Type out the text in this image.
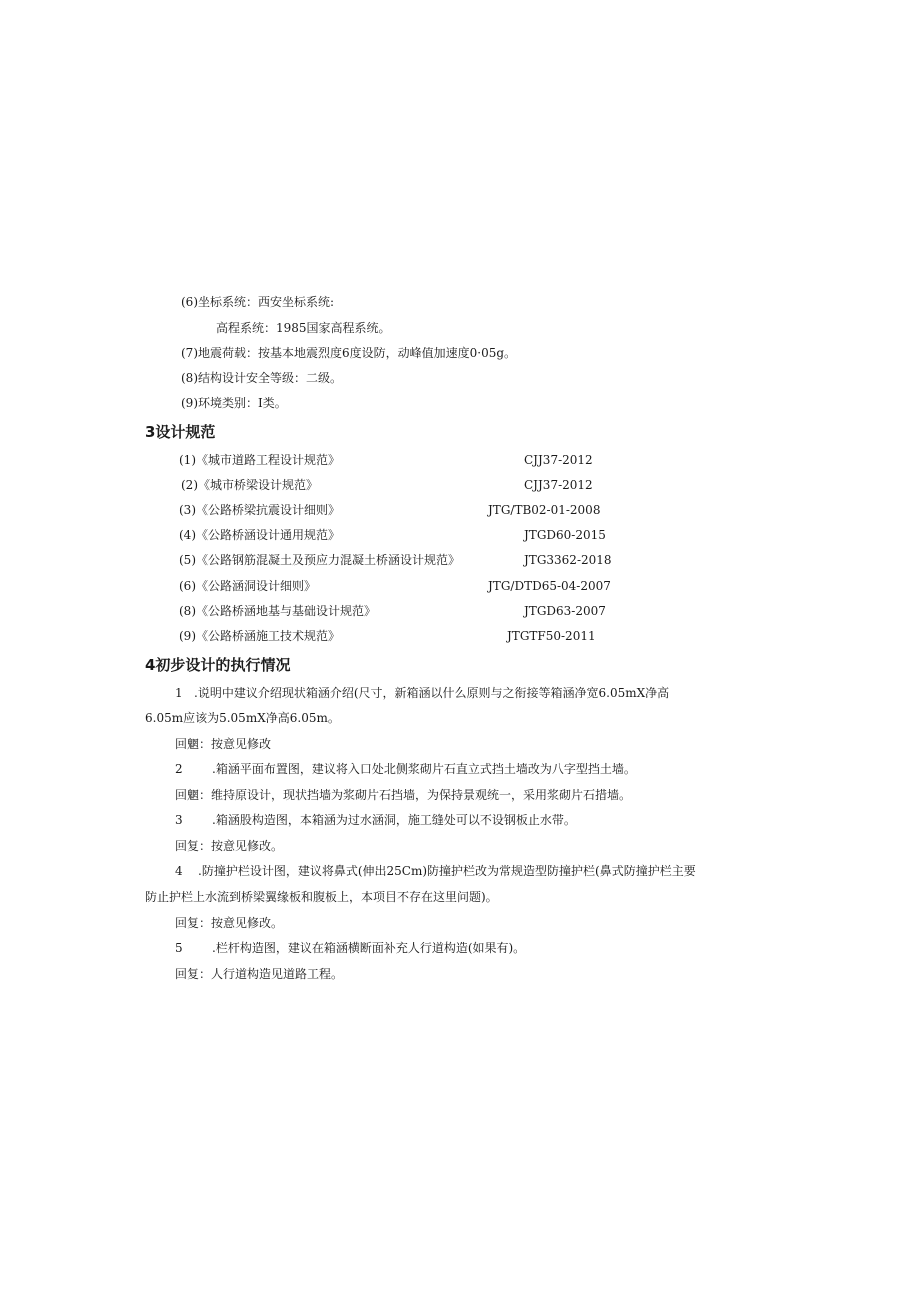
(6)坐标系统：西安坐标系统:
高程系统：1985国家高程系统。
(7)地震荷载：按基本地震烈度6度设防，动峰值加速度0·05g。
(8)结构设计安全等级：二级。
(9)环境类别：I类。
3设计规范
(1)《城市道路工程设计规范》	CJJ37-2012
(2)《城市桥梁设计规范》	CJJ37-2012
(3)《公路桥梁抗震设计细则》	JTG/TB02-01-2008
(4)《公路桥涵设计通用规范》	JTGD60-2015
(5)《公路钢筋混凝土及预应力混凝土桥涵设计规范》	JTG3362-2018
(6)《公路涵洞设计细则》	JTG/DTD65-04-2007
(8)《公路桥涵地基与基础设计规范》	JTGD63-2007
(9)《公路桥涵施工技术规范》	JTGTF50-2011
4初步设计的执行情况
1 .说明中建议介绍现状箱涵介绍(尺寸，新箱涵以什么原则与之衔接等箱涵净宽6.05mX净高
6.05m应该为5.05mX净高6.05m。
回魍：按意见修改
2 .箱涵平面布置图，建议将入口处北侧浆砌片石直立式挡土墙改为八字型挡土墙。
回魍：维持原设计，现状挡墙为浆砌片石挡墙，为保持景观统一，采用浆砌片石措墙。
3 .箱涵股构造图，本箱涵为过水涵洞，施工缝处可以不设钢板止水带。
回复：按意见修改。
4 .防撞护栏设计图，建议将鼻式(伸出25Cm)防撞护栏改为常规造型防撞护栏(鼻式防撞护栏主要
防止护栏上水流到桥梁翼缘板和腹板上，本项目不存在这里问题)。
回复：按意见修改。
5 .栏杆构造图，建议在箱涵横断面补充人行道构造(如果有)。
回复：人行道构造见道路工程。
